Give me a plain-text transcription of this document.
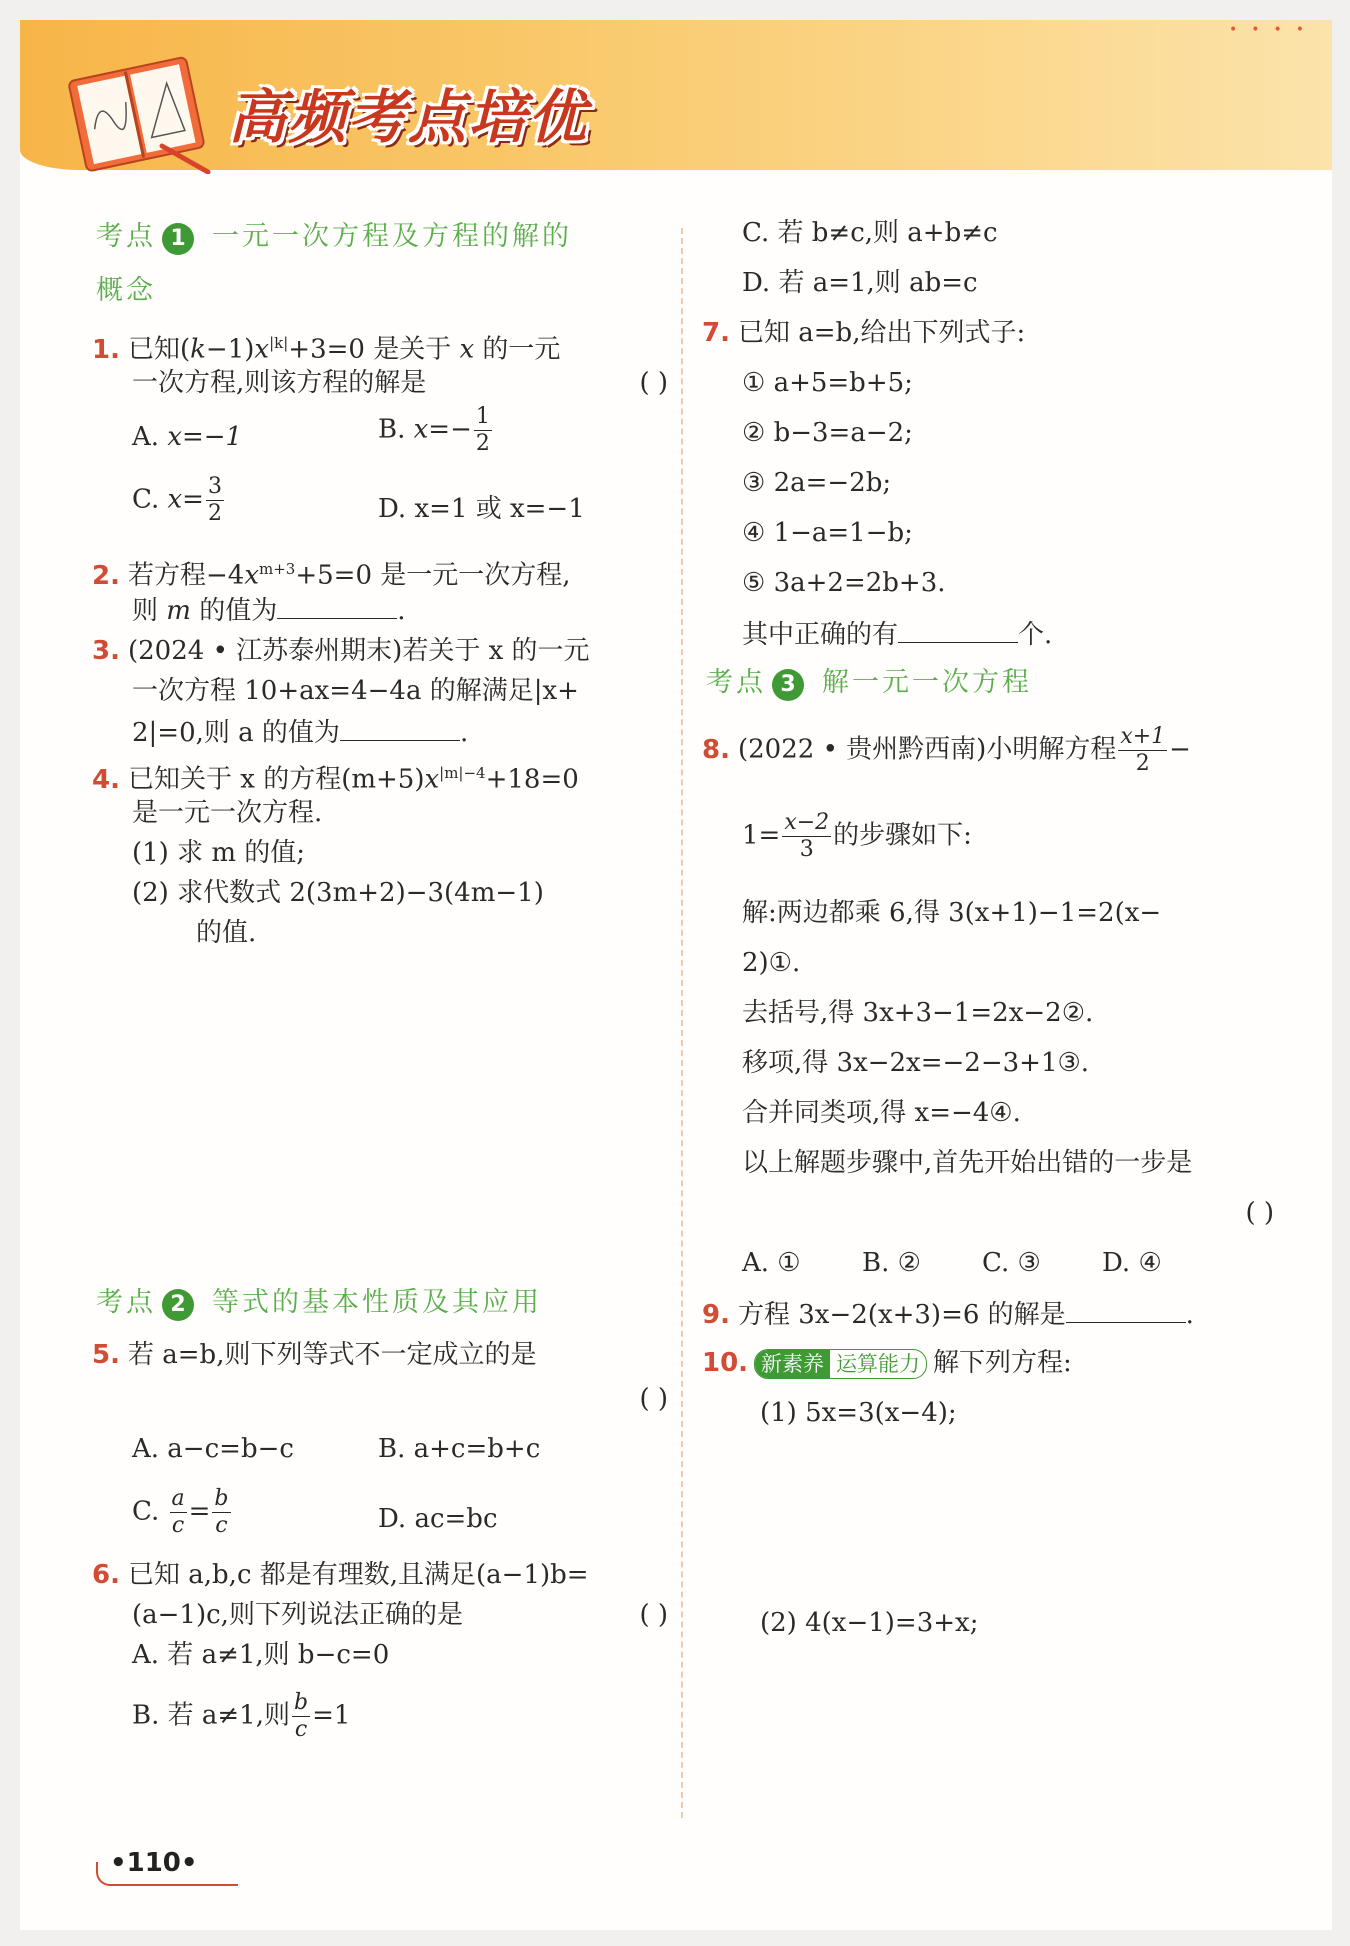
••••
高频考点培优
考点 1 一元一次方程及方程的解的
概念
1. 已知$(k-1)x^{|k|}+3=0$ 是关于 x 的一元
一次方程,则该方程的解是	( )
A. x=−1	B. $x=- \frac{1}{2}$
C. $x= \frac{3}{2}$	D. x=1 或 x=−1
2. 若方程$-4x^{m+3}+5=0$ 是一元一次方程,
则 m 的值为	.
3. (2024 • 江苏泰州期末)若关于 x 的一元
一次方程 10+ax=4−4a 的解满足|x+
2|=0,则 a 的值为	.
4. 已知关于 x 的方程$(m+5)x^{|m|-4}+18=0$
是一元一次方程.
(1) 求 m 的值;
(2) 求代数式 2(3m+2)−3(4m−1)
的值.
考点 2 等式的基本性质及其应用
5. 若 a=b,则下列等式不一定成立的是
( )
A. a−c=b−c	B. a+c=b+c
C. $\frac{a}{c} = \frac{b}{c}$	D. ac=bc
6. 已知 a,b,c 都是有理数,且满足(a−1)b=
(a−1)c,则下列说法正确的是	( )
A. 若 a≠1,则 b−c=0
B. 若 a≠1,则 $\frac{b}{c} =1$
C. 若 b≠c,则 a+b≠c
D. 若 a=1,则 ab=c
7. 已知 a=b,给出下列式子:
① a+5=b+5;
② b−3=a−2;
③ 2a=−2b;
④ 1−a=1−b;
⑤ 3a+2=2b+3.
其中正确的有	个.
考点 3 解一元一次方程
8. (2022 • 贵州黔西南)小明解方程 $\frac{x+1}{2}$ −
$1= \frac{x-2}{3}$ 的步骤如下:
解:两边都乘 6,得 3(x+1)−1=2(x−
2)①.
去括号,得 3x+3−1=2x−2②.
移项,得 3x−2x=−2−3+1③.
合并同类项,得 x=−4④.
以上解题步骤中,首先开始出错的一步是
( )
A. ① B. ② C. ③ D. ④
9. 方程 3x−2(x+3)=6 的解是	.
10. 新素养 运算能力 解下列方程:
(1) 5x=3(x−4);
(2) 4(x−1)=3+x;
•110•
